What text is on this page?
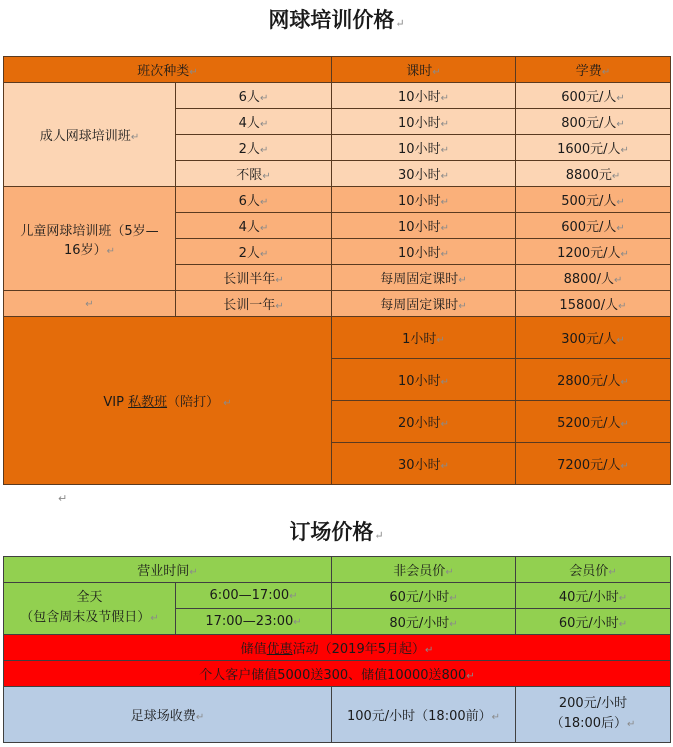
网球培训价格↵
班次种类↵		课时↵	学费↵
成人网球培训班↵	6人↵	10小时↵	600元/人↵
	4人↵	10小时↵	800元/人↵
	2人↵	10小时↵	1600元/人↵
	不限↵	30小时↵	8800元↵
儿童网球培训班（5岁—16岁）↵	6人↵	10小时↵	500元/人↵
	4人↵	10小时↵	600元/人↵
	2人↵	10小时↵	1200元/人↵
	长训半年↵	每周固定课时↵	8800/人↵
↵	长训一年↵	每周固定课时↵	15800/人↵
VIP 私教班（陪打） ↵		1小时↵	300元/人↵
		10小时↵	2800元/人↵
		20小时↵	5200元/人↵
		30小时↵	7200元/人↵
↵
订场价格↵
营业时间↵		非会员价↵	会员价↵
全天
（包含周末及节假日）↵	6:00—17:00↵	60元/小时↵	40元/小时↵
	17:00—23:00↵	80元/小时↵	60元/小时↵
储值优惠活动（2019年5月起）↵			
个人客户储值5000送300、储值10000送800↵			
足球场收费↵		100元/小时（18:00前）↵	200元/小时
（18:00后）↵
